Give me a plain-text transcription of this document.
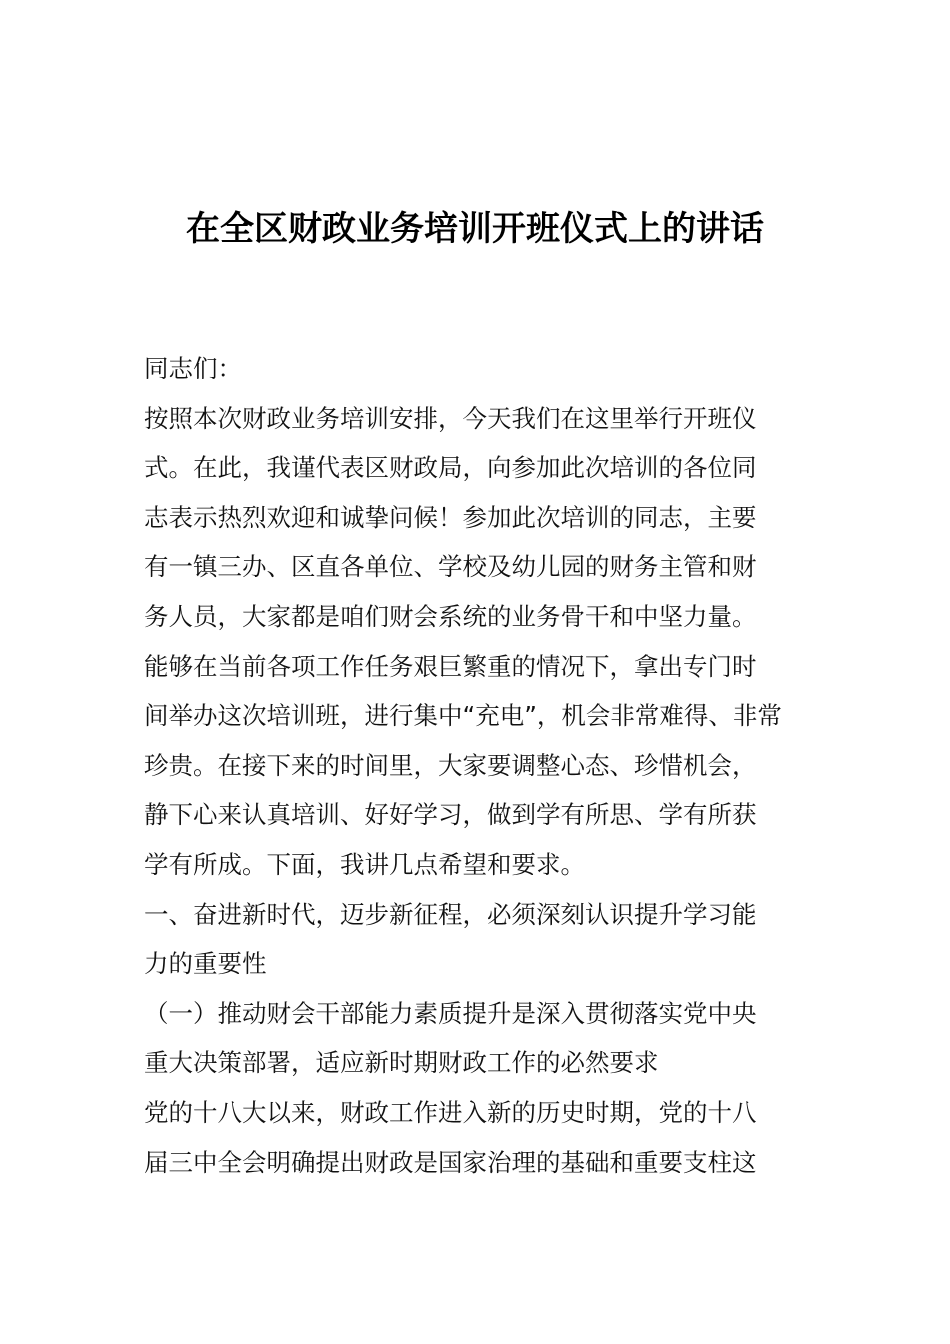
在全区财政业务培训开班仪式上的讲话
同志们：
按照本次财政业务培训安排，今天我们在这里举行开班仪
式。在此，我谨代表区财政局，向参加此次培训的各位同
志表示热烈欢迎和诚挚问候！参加此次培训的同志，主要
有一镇三办、区直各单位、学校及幼儿园的财务主管和财
务人员，大家都是咱们财会系统的业务骨干和中坚力量。
能够在当前各项工作任务艰巨繁重的情况下，拿出专门时
间举办这次培训班，进行集中“充电”，机会非常难得、非常
珍贵。在接下来的时间里，大家要调整心态、珍惜机会，
静下心来认真培训、好好学习，做到学有所思、学有所获
学有所成。下面，我讲几点希望和要求。
一、奋进新时代，迈步新征程，必须深刻认识提升学习能
力的重要性
（一）推动财会干部能力素质提升是深入贯彻落实党中央
重大决策部署，适应新时期财政工作的必然要求
党的十八大以来，财政工作进入新的历史时期，党的十八
届三中全会明确提出财政是国家治理的基础和重要支柱这
